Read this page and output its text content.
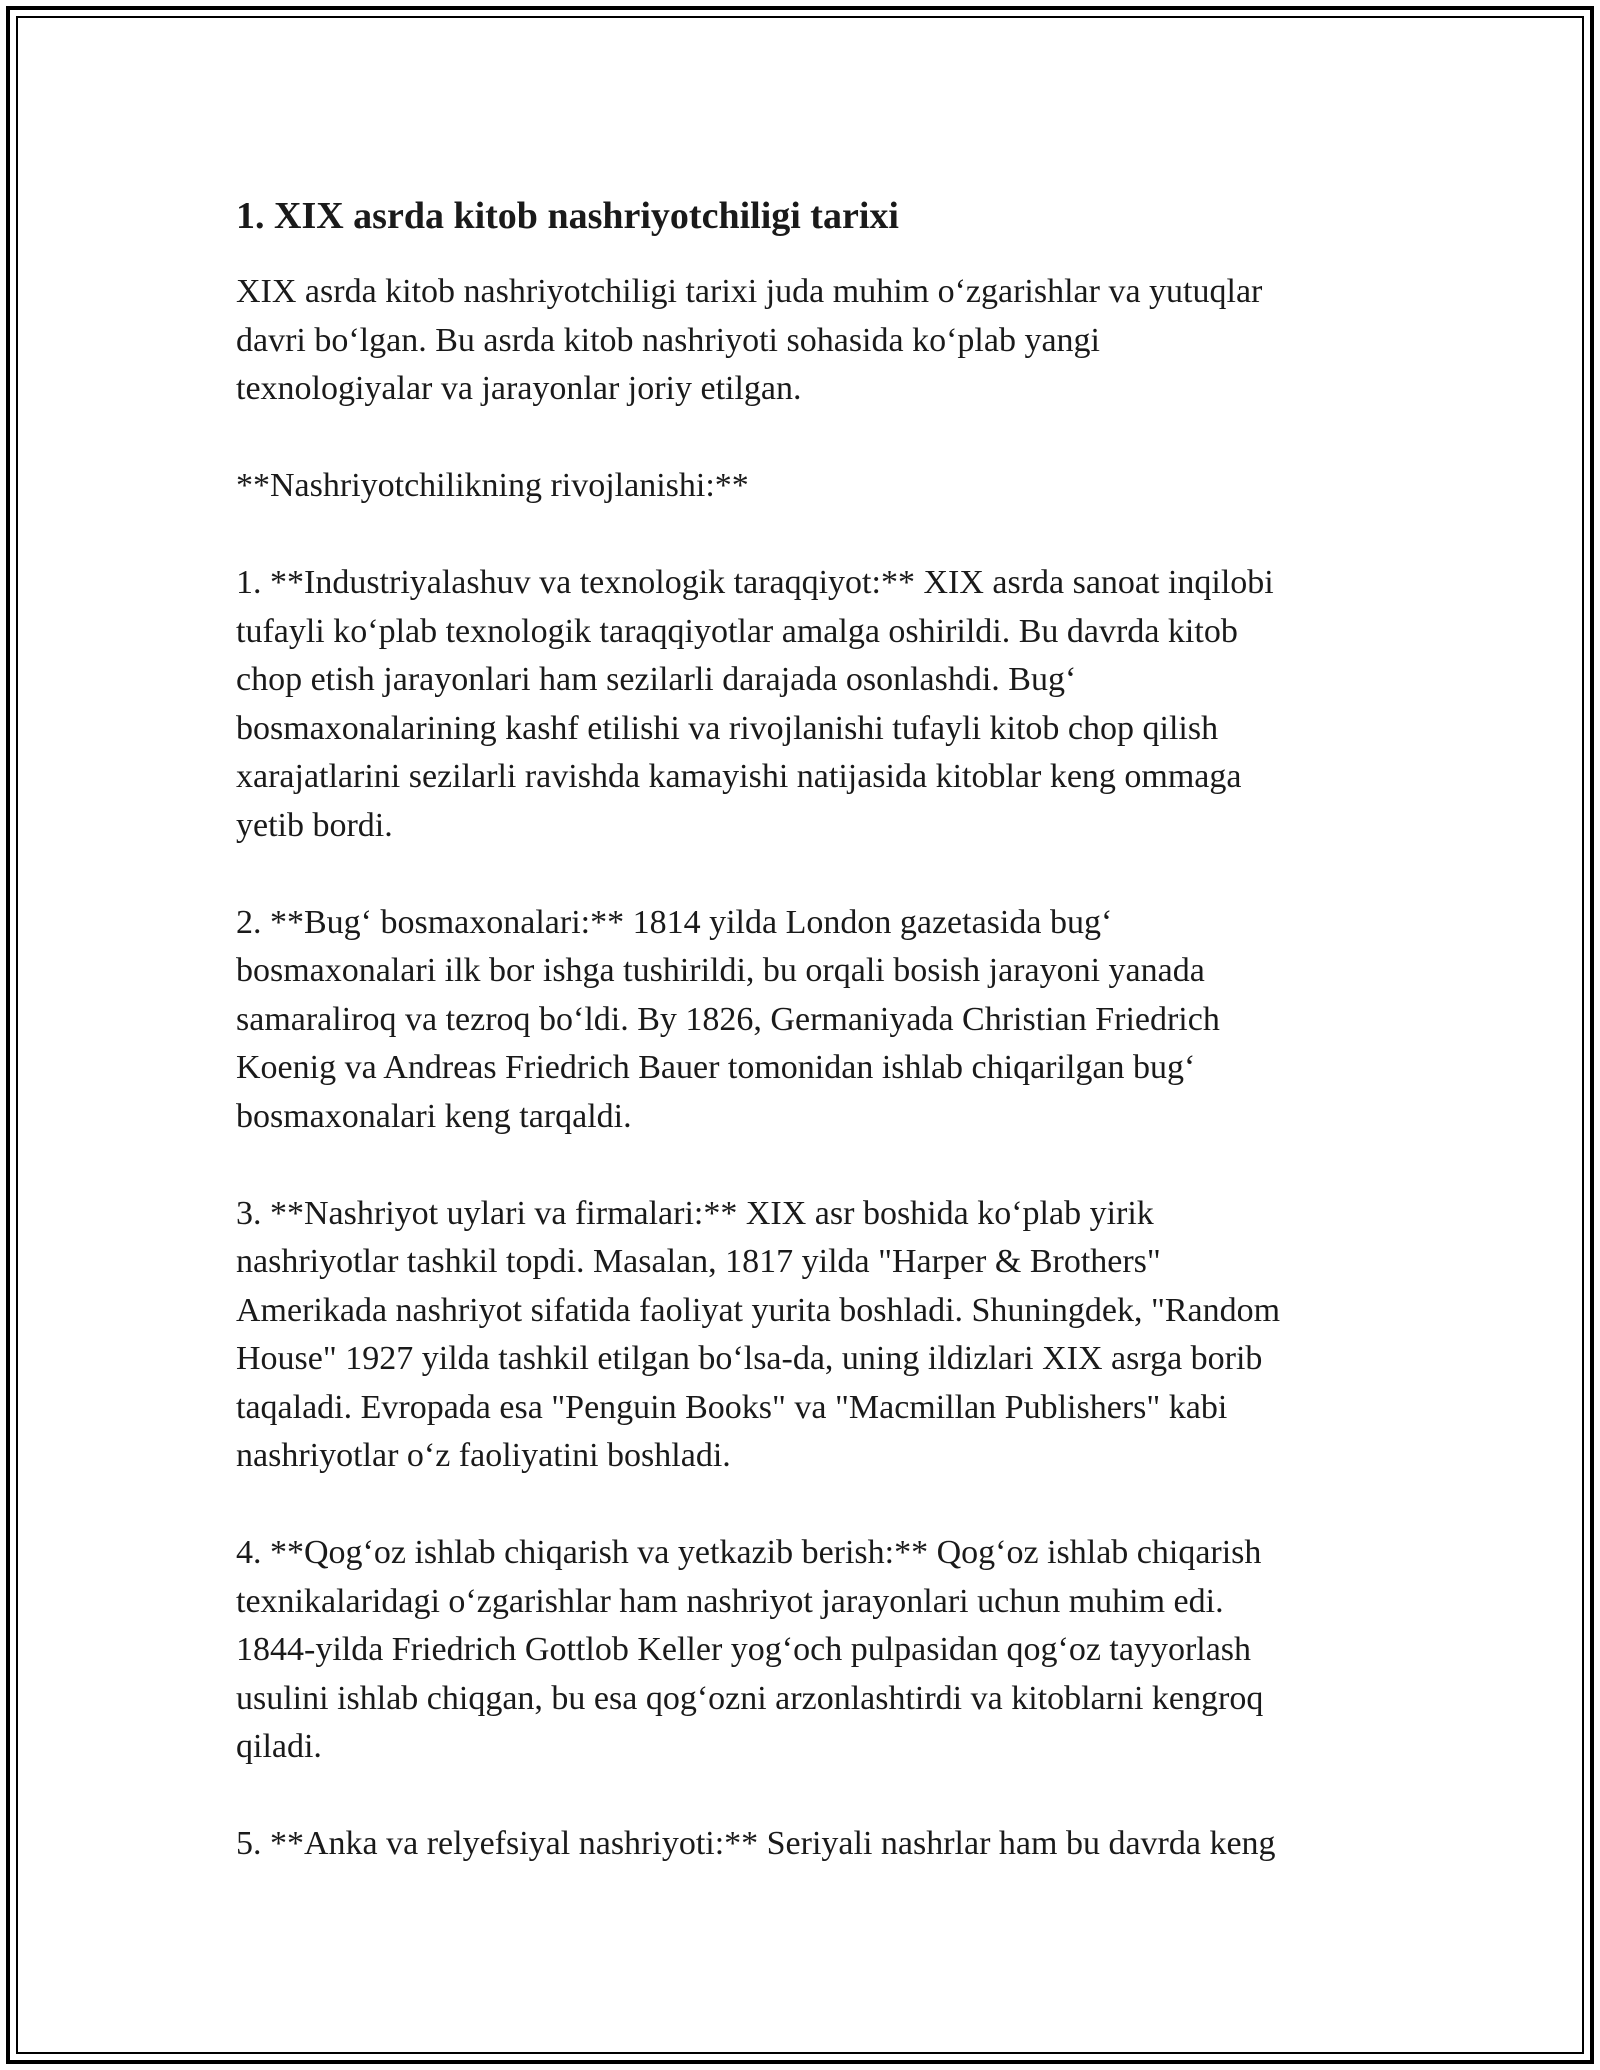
1. XIX asrda kitob nashriyotchiligi tarixi

XIX asrda kitob nashriyotchiligi tarixi juda muhim o‘zgarishlar va yutuqlar
davri bo‘lgan. Bu asrda kitob nashriyoti sohasida ko‘plab yangi
texnologiyalar va jarayonlar joriy etilgan.

**Nashriyotchilikning rivojlanishi:**

1. **Industriyalashuv va texnologik taraqqiyot:** XIX asrda sanoat inqilobi
tufayli ko‘plab texnologik taraqqiyotlar amalga oshirildi. Bu davrda kitob
chop etish jarayonlari ham sezilarli darajada osonlashdi. Bug‘
bosmaxonalarining kashf etilishi va rivojlanishi tufayli kitob chop qilish
xarajatlarini sezilarli ravishda kamayishi natijasida kitoblar keng ommaga
yetib bordi.

2. **Bug‘ bosmaxonalari:** 1814 yilda London gazetasida bug‘
bosmaxonalari ilk bor ishga tushirildi, bu orqali bosish jarayoni yanada
samaraliroq va tezroq bo‘ldi. By 1826, Germaniyada Christian Friedrich
Koenig va Andreas Friedrich Bauer tomonidan ishlab chiqarilgan bug‘
bosmaxonalari keng tarqaldi.

3. **Nashriyot uylari va firmalari:** XIX asr boshida ko‘plab yirik
nashriyotlar tashkil topdi. Masalan, 1817 yilda "Harper & Brothers"
Amerikada nashriyot sifatida faoliyat yurita boshladi. Shuningdek, "Random
House" 1927 yilda tashkil etilgan bo‘lsa-da, uning ildizlari XIX asrga borib
taqaladi. Evropada esa "Penguin Books" va "Macmillan Publishers" kabi
nashriyotlar o‘z faoliyatini boshladi.

4. **Qog‘oz ishlab chiqarish va yetkazib berish:** Qog‘oz ishlab chiqarish
texnikalaridagi o‘zgarishlar ham nashriyot jarayonlari uchun muhim edi.
1844-yilda Friedrich Gottlob Keller yog‘och pulpasidan qog‘oz tayyorlash
usulini ishlab chiqgan, bu esa qog‘ozni arzonlashtirdi va kitoblarni kengroq
qiladi.

5. **Anka va relyefsiyal nashriyoti:** Seriyali nashrlar ham bu davrda keng
